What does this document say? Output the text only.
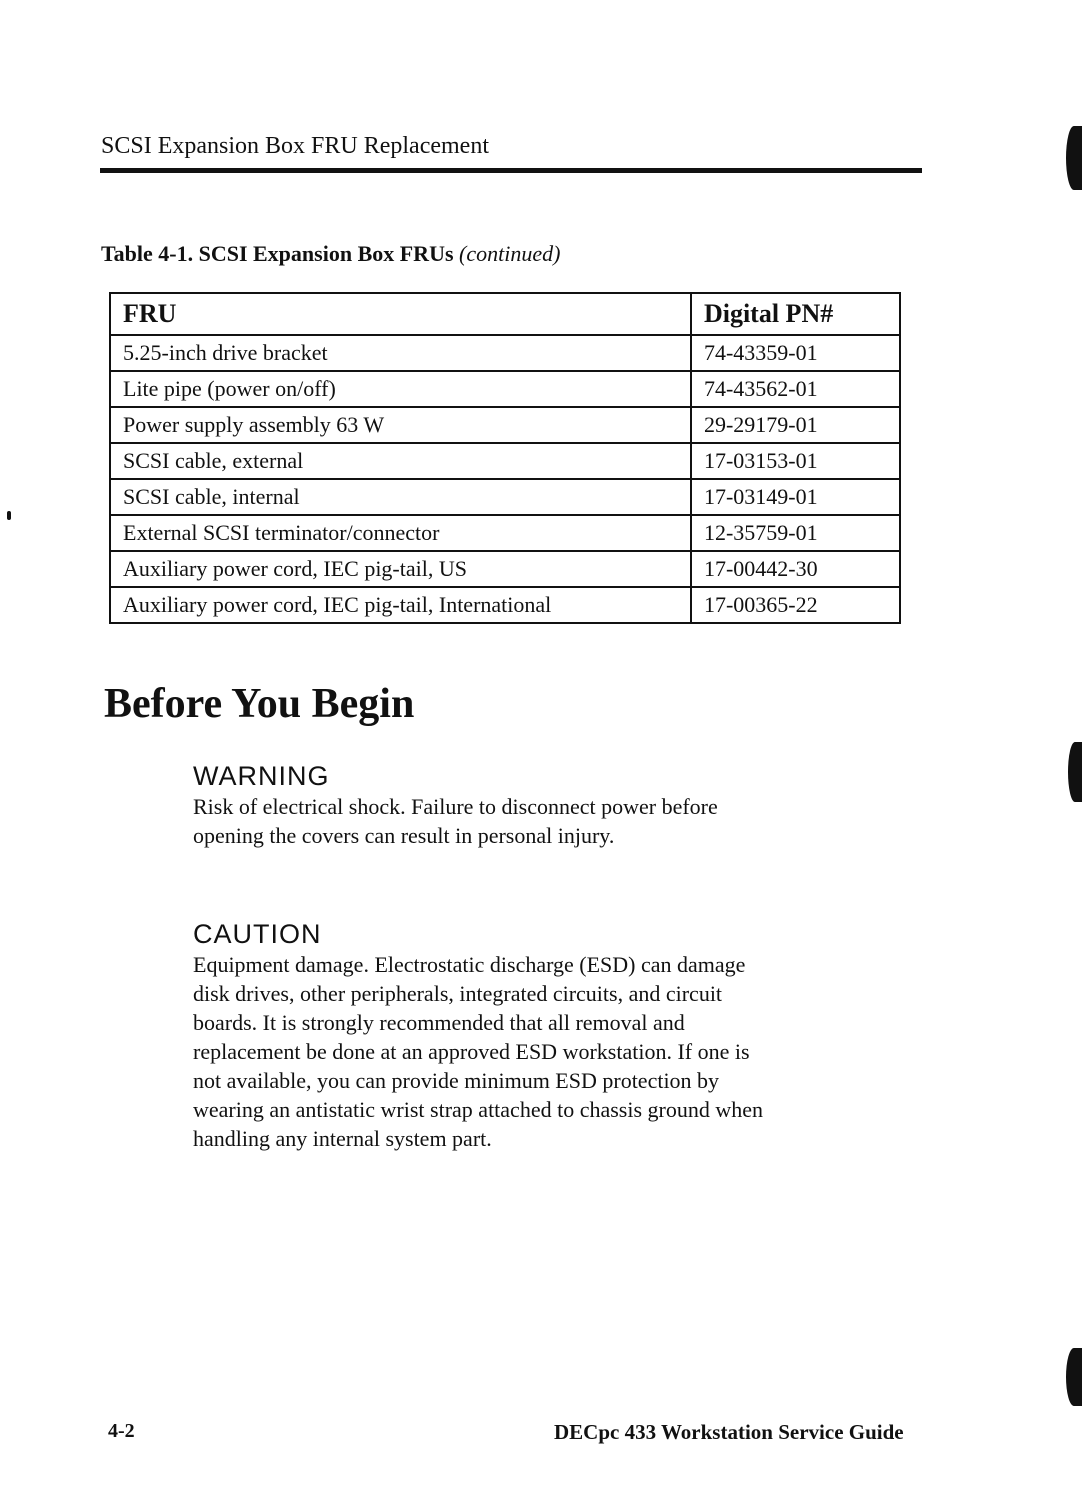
SCSI Expansion Box FRU Replacement
Table 4-1. SCSI Expansion Box FRUs (continued)
FRU	Digital PN#
5.25-inch drive bracket	74-43359-01
Lite pipe (power on/off)	74-43562-01
Power supply assembly 63 W	29-29179-01
SCSI cable, external	17-03153-01
SCSI cable, internal	17-03149-01
External SCSI terminator/connector	12-35759-01
Auxiliary power cord, IEC pig-tail, US	17-00442-30
Auxiliary power cord, IEC pig-tail, International	17-00365-22
Before You Begin
WARNING
Risk of electrical shock. Failure to disconnect power before opening the covers can result in personal injury.
CAUTION
Equipment damage. Electrostatic discharge (ESD) can damage disk drives, other peripherals, integrated circuits, and circuit boards. It is strongly recommended that all removal and replacement be done at an approved ESD workstation. If one is not available, you can provide minimum ESD protection by wearing an antistatic wrist strap attached to chassis ground when handling any internal system part.
4-2	DECpc 433 Workstation Service Guide
